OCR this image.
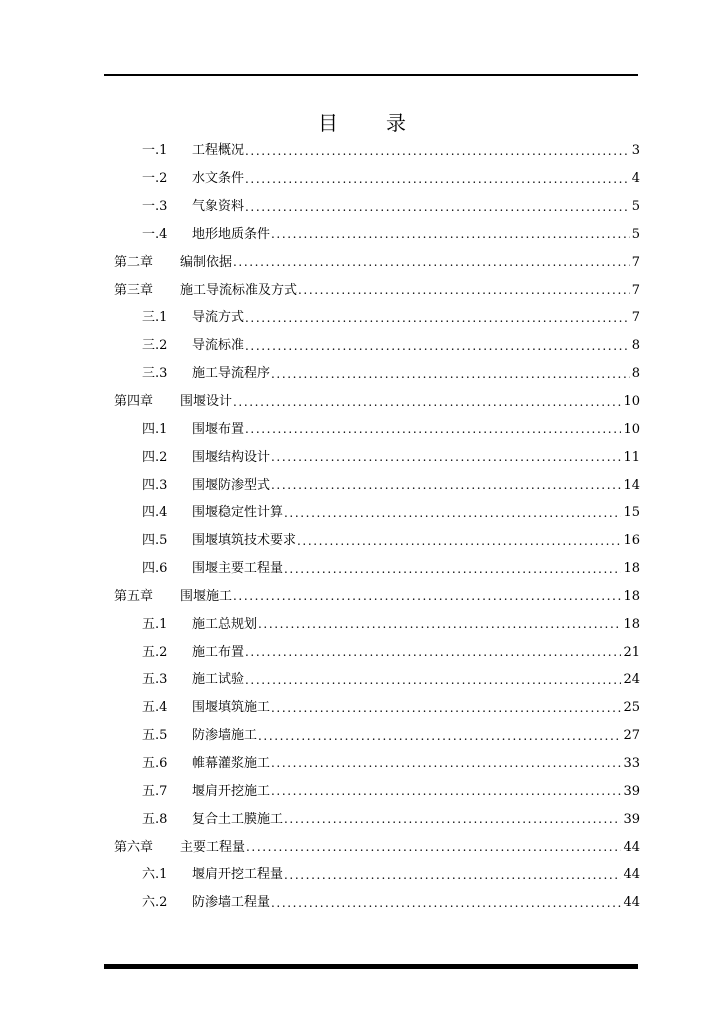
目 录
一.1	工程概况 .....	3
一.2	水文条件 .....	4
一.3	气象资料 .....	5
一.4	地形地质条件 .....	5
第二章	编制依据 .....	7
第三章	施工导流标准及方式 .....	7
三.1	导流方式 .....	7
三.2	导流标准 .....	8
三.3	施工导流程序 .....	8
第四章	围堰设计 .....	10
四.1	围堰布置 .....	10
四.2	围堰结构设计 .....	11
四.3	围堰防渗型式 .....	14
四.4	围堰稳定性计算 .....	15
四.5	围堰填筑技术要求 .....	16
四.6	围堰主要工程量 .....	18
第五章	围堰施工 .....	18
五.1	施工总规划 .....	18
五.2	施工布置 .....	21
五.3	施工试验 .....	24
五.4	围堰填筑施工 .....	25
五.5	防渗墙施工 .....	27
五.6	帷幕灌浆施工 .....	33
五.7	堰肩开挖施工 .....	39
五.8	复合土工膜施工 .....	39
第六章	主要工程量 .....	44
六.1	堰肩开挖工程量 .....	44
六.2	防渗墙工程量 .....	44
